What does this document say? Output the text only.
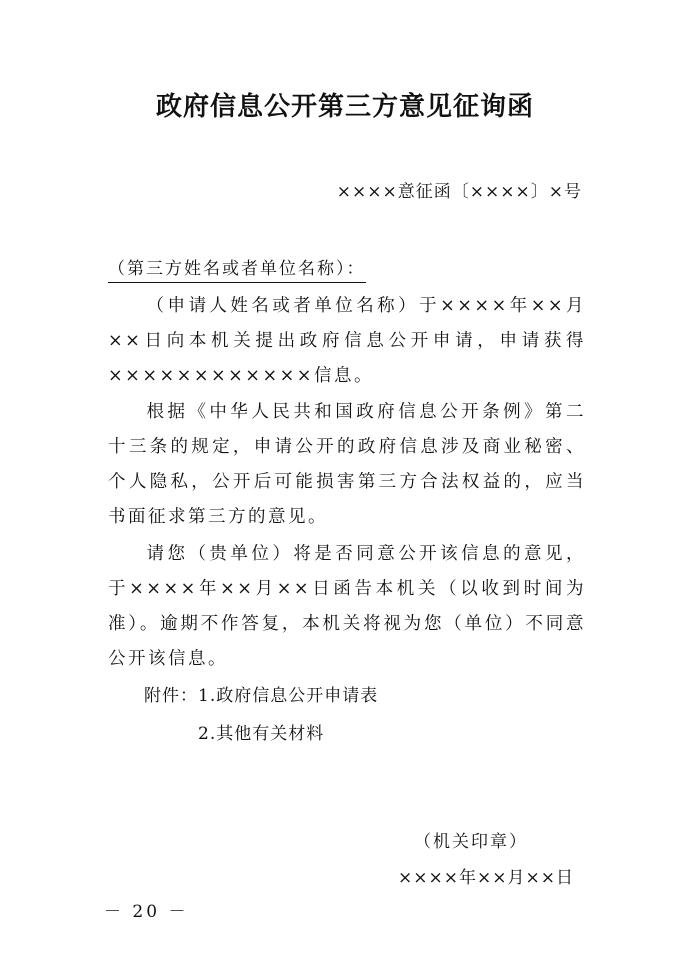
政府信息公开第三方意见征询函
××××意征函〔××××〕×号
（第三方姓名或者单位名称）：

（申请人姓名或者单位名称）于××××年××月××日向本机关提出政府信息公开申请，申请获得××××××××××××信息。

根据《中华人民共和国政府信息公开条例》第二十三条的规定，申请公开的政府信息涉及商业秘密、个人隐私，公开后可能损害第三方合法权益的，应当书面征求第三方的意见。

请您（贵单位）将是否同意公开该信息的意见，于××××年××月××日函告本机关（以收到时间为准）。逾期不作答复，本机关将视为您（单位）不同意公开该信息。

附件： 1.政府信息公开申请表
2.其他有关材料
（机关印章）
××××年××月××日
－ 20 －
